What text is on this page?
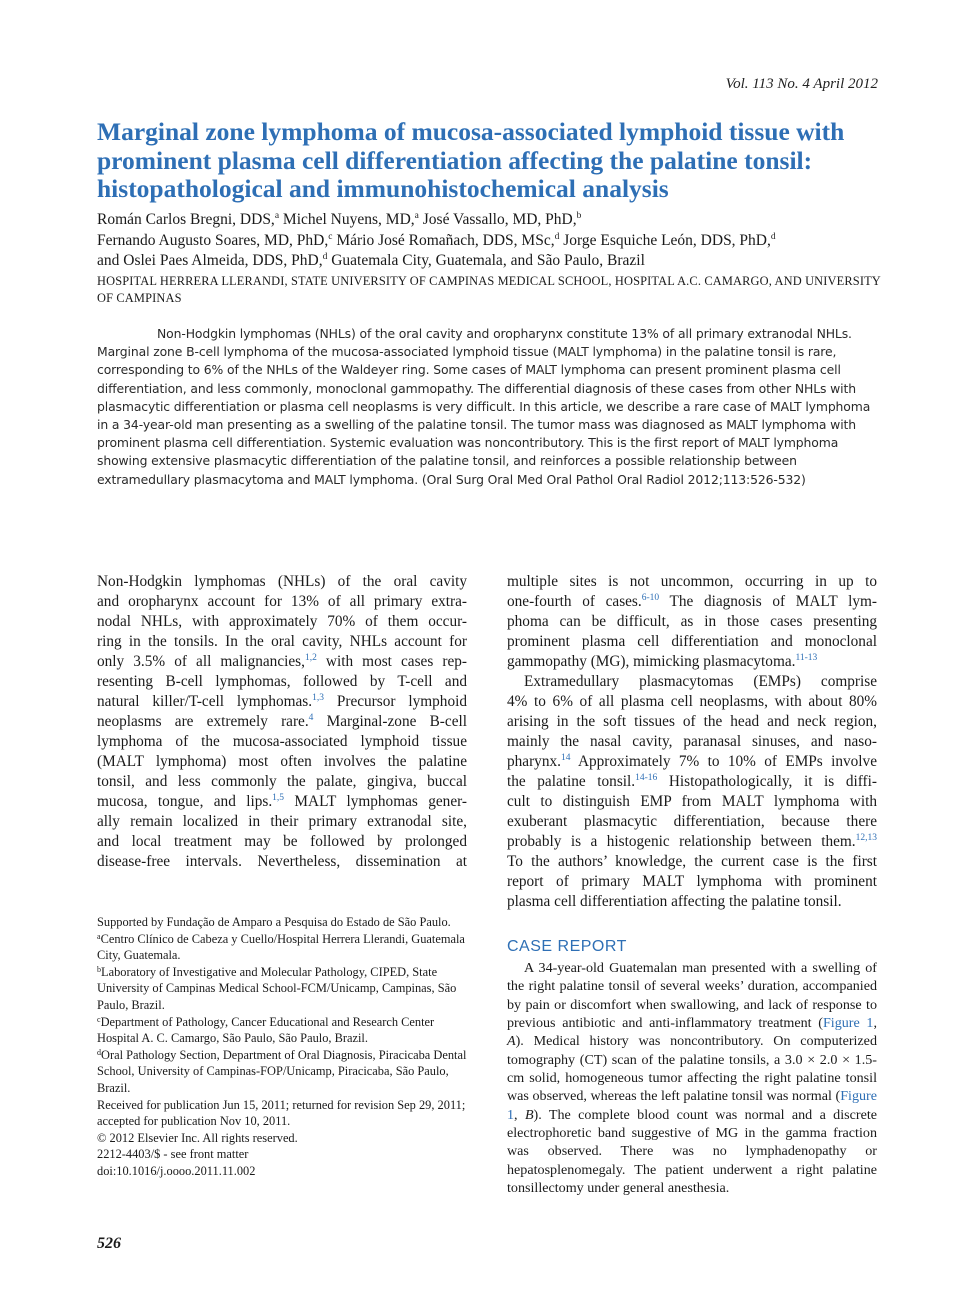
Vol. 113 No. 4 April 2012
Marginal zone lymphoma of mucosa-associated lymphoid tissue with prominent plasma cell differentiation affecting the palatine tonsil: histopathological and immunohistochemical analysis
Román Carlos Bregni, DDS,$^a$ Michel Nuyens, MD,$^a$ José Vassallo, MD, PhD,$^b$
Fernando Augusto Soares, MD, PhD,$^c$ Mário José Romañach, DDS, MSc,$^d$ Jorge Esquiche León, DDS, PhD,$^d$
and Oslei Paes Almeida, DDS, PhD,$^d$ Guatemala City, Guatemala, and São Paulo, Brazil
HOSPITAL HERRERA LLERANDI, STATE UNIVERSITY OF CAMPINAS MEDICAL SCHOOL, HOSPITAL A.C. CAMARGO, AND UNIVERSITY OF CAMPINAS
Non-Hodgkin lymphomas (NHLs) of the oral cavity and oropharynx constitute 13% of all primary extranodal NHLs. Marginal zone B-cell lymphoma of the mucosa-associated lymphoid tissue (MALT lymphoma) in the palatine tonsil is rare, corresponding to 6% of the NHLs of the Waldeyer ring. Some cases of MALT lymphoma can present prominent plasma cell differentiation, and less commonly, monoclonal gammopathy. The differential diagnosis of these cases from other NHLs with plasmacytic differentiation or plasma cell neoplasms is very difficult. In this article, we describe a rare case of MALT lymphoma in a 34-year-old man presenting as a swelling of the palatine tonsil. The tumor mass was diagnosed as MALT lymphoma with prominent plasma cell differentiation. Systemic evaluation was noncontributory. This is the first report of MALT lymphoma showing extensive plasmacytic differentiation of the palatine tonsil, and reinforces a possible relationship between extramedullary plasmacytoma and MALT lymphoma. (Oral Surg Oral Med Oral Pathol Oral Radiol 2012;113:526-532)
Non-Hodgkin lymphomas (NHLs) of the oral cavity
and oropharynx account for 13% of all primary extra-
nodal NHLs, with approximately 70% of them occur-
ring in the tonsils. In the oral cavity, NHLs account for
only 3.5% of all malignancies,$^{1,2}$ with most cases rep-
resenting B-cell lymphomas, followed by T-cell and
natural killer/T-cell lymphomas.$^{1,3}$ Precursor lymphoid
neoplasms are extremely rare.$^4$ Marginal-zone B-cell
lymphoma of the mucosa-associated lymphoid tissue
(MALT lymphoma) most often involves the palatine
tonsil, and less commonly the palate, gingiva, buccal
mucosa, tongue, and lips.$^{1,5}$ MALT lymphomas gener-
ally remain localized in their primary extranodal site,
and local treatment may be followed by prolonged
disease-free intervals. Nevertheless, dissemination at
multiple sites is not uncommon, occurring in up to
one-fourth of cases.$^{6-10}$ The diagnosis of MALT lym-
phoma can be difficult, as in those cases presenting
prominent plasma cell differentiation and monoclonal
gammopathy (MG), mimicking plasmacytoma.$^{11-13}$
Extramedullary plasmacytomas (EMPs) comprise
4% to 6% of all plasma cell neoplasms, with about 80%
arising in the soft tissues of the head and neck region,
mainly the nasal cavity, paranasal sinuses, and naso-
pharynx.$^{14}$ Approximately 7% to 10% of EMPs involve
the palatine tonsil.$^{14-16}$ Histopathologically, it is diffi-
cult to distinguish EMP from MALT lymphoma with
exuberant plasmacytic differentiation, because there
probably is a histogenic relationship between them.$^{12,13}$
To the authors’ knowledge, the current case is the first
report of primary MALT lymphoma with prominent
plasma cell differentiation affecting the palatine tonsil.
Supported by Fundação de Amparo a Pesquisa do Estado de São Paulo.
$^a$Centro Clínico de Cabeza y Cuello/Hospital Herrera Llerandi, Guatemala City, Guatemala.
$^b$Laboratory of Investigative and Molecular Pathology, CIPED, State University of Campinas Medical School-FCM/Unicamp, Campinas, São Paulo, Brazil.
$^c$Department of Pathology, Cancer Educational and Research Center Hospital A. C. Camargo, São Paulo, São Paulo, Brazil.
$^d$Oral Pathology Section, Department of Oral Diagnosis, Piracicaba Dental School, University of Campinas-FOP/Unicamp, Piracicaba, São Paulo, Brazil.
Received for publication Jun 15, 2011; returned for revision Sep 29, 2011; accepted for publication Nov 10, 2011.
© 2012 Elsevier Inc. All rights reserved.
2212-4403/$ - see front matter
doi:10.1016/j.oooo.2011.11.002
CASE REPORT

A 34-year-old Guatemalan man presented with a swelling of the right palatine tonsil of several weeks’ duration, accompanied by pain or discomfort when swallowing, and lack of response to previous antibiotic and anti-inflammatory treatment (Figure 1, A). Medical history was noncontributory. On computerized tomography (CT) scan of the palatine tonsils, a 3.0 × 2.0 × 1.5-cm solid, homogeneous tumor affecting the right palatine tonsil was observed, whereas the left palatine tonsil was normal (Figure 1, B). The complete blood count was normal and a discrete electrophoretic band suggestive of MG in the gamma fraction was observed. There was no lymphadenopathy or hepatosplenomegaly. The patient underwent a right palatine tonsillectomy under general anesthesia.

526
